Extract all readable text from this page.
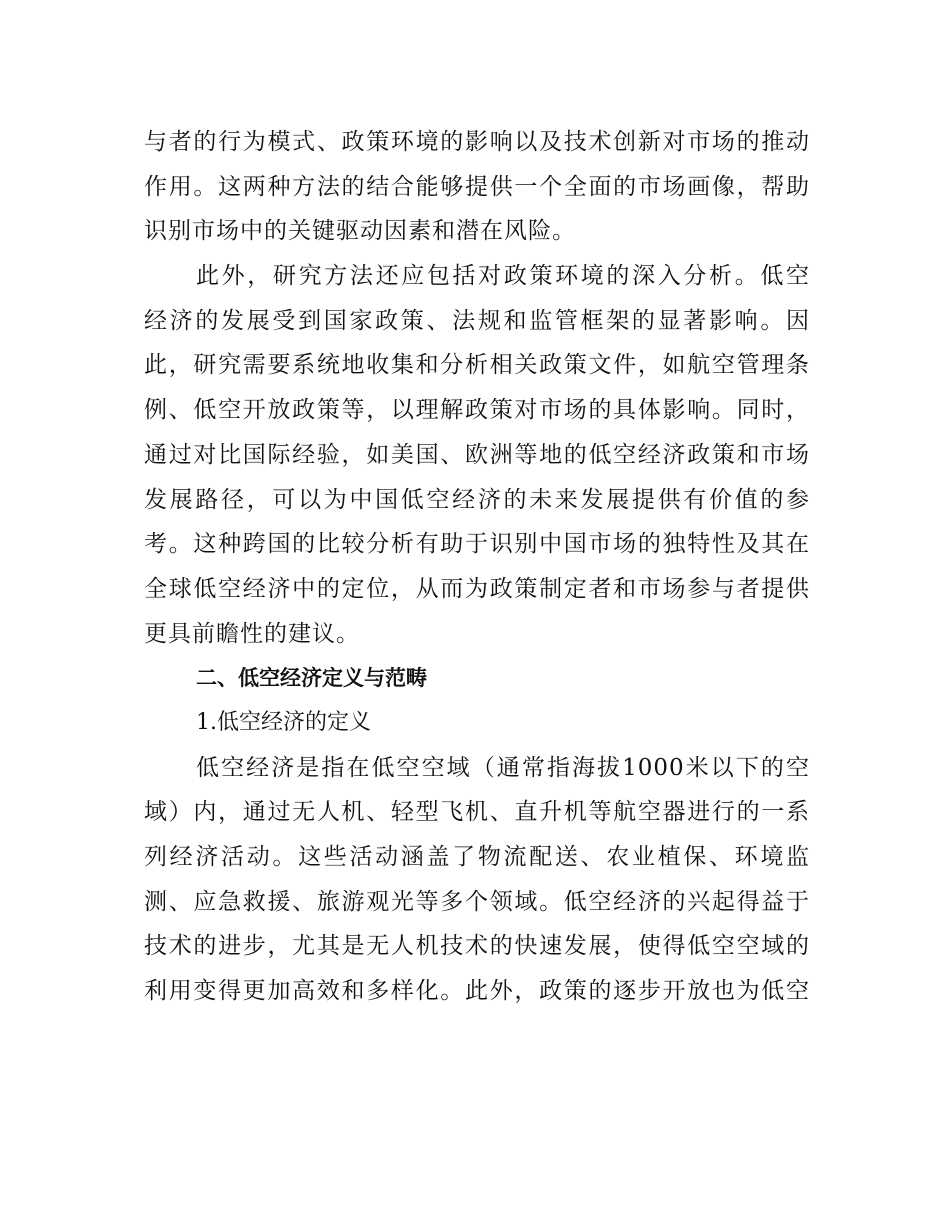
与者的行为模式、政策环境的影响以及技术创新对市场的推动
作用。这两种方法的结合能够提供一个全面的市场画像，帮助
识别市场中的关键驱动因素和潜在风险。
此外，研究方法还应包括对政策环境的深入分析。低空
经济的发展受到国家政策、法规和监管框架的显著影响。因
此，研究需要系统地收集和分析相关政策文件，如航空管理条
例、低空开放政策等，以理解政策对市场的具体影响。同时，
通过对比国际经验，如美国、欧洲等地的低空经济政策和市场
发展路径，可以为中国低空经济的未来发展提供有价值的参
考。这种跨国的比较分析有助于识别中国市场的独特性及其在
全球低空经济中的定位，从而为政策制定者和市场参与者提供
更具前瞻性的建议。
二、低空经济定义与范畴
1.低空经济的定义
低空经济是指在低空空域（通常指海拔1000米以下的空
域）内，通过无人机、轻型飞机、直升机等航空器进行的一系
列经济活动。这些活动涵盖了物流配送、农业植保、环境监
测、应急救援、旅游观光等多个领域。低空经济的兴起得益于
技术的进步，尤其是无人机技术的快速发展，使得低空空域的
利用变得更加高效和多样化。此外，政策的逐步开放也为低空
